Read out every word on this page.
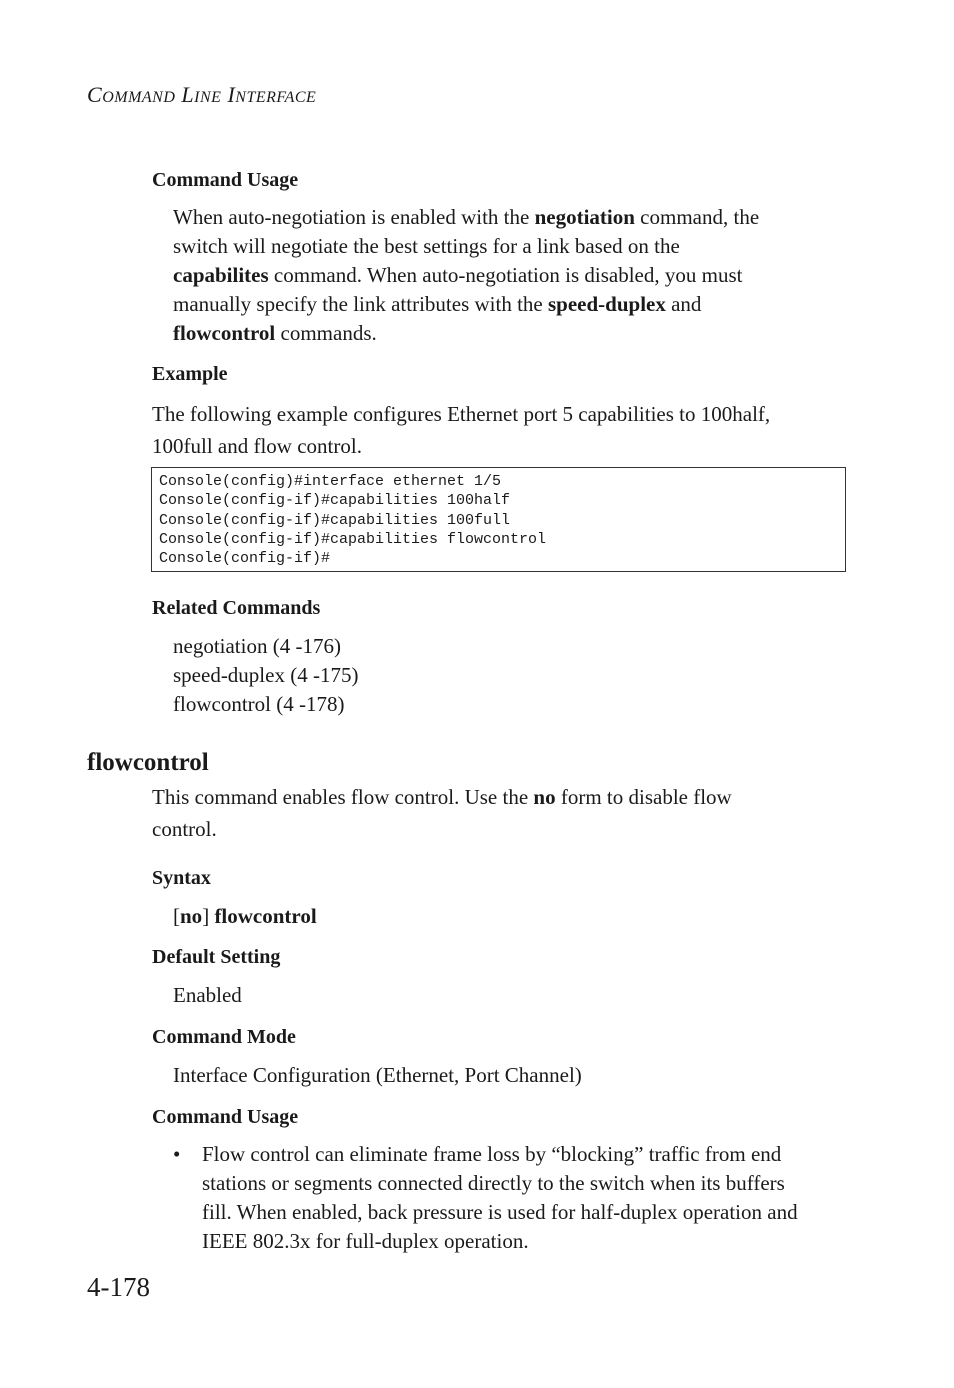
COMMAND LINE INTERFACE
Command Usage
When auto-negotiation is enabled with the negotiation command, the
switch will negotiate the best settings for a link based on the
capabilites command. When auto-negotiation is disabled, you must
manually specify the link attributes with the speed-duplex and
flowcontrol commands.
Example
The following example configures Ethernet port 5 capabilities to 100half,
100full and flow control.
Console(config)#interface ethernet 1/5
Console(config-if)#capabilities 100half
Console(config-if)#capabilities 100full
Console(config-if)#capabilities flowcontrol
Console(config-if)#
Related Commands
negotiation (4 -176)
speed-duplex (4 -175)
flowcontrol (4 -178)
flowcontrol
This command enables flow control. Use the no form to disable flow
control.
Syntax
[no] flowcontrol
Default Setting
Enabled
Command Mode
Interface Configuration (Ethernet, Port Channel)
Command Usage
• Flow control can eliminate frame loss by “blocking” traffic from end
stations or segments connected directly to the switch when its buffers
fill. When enabled, back pressure is used for half-duplex operation and
IEEE 802.3x for full-duplex operation.
4-178
